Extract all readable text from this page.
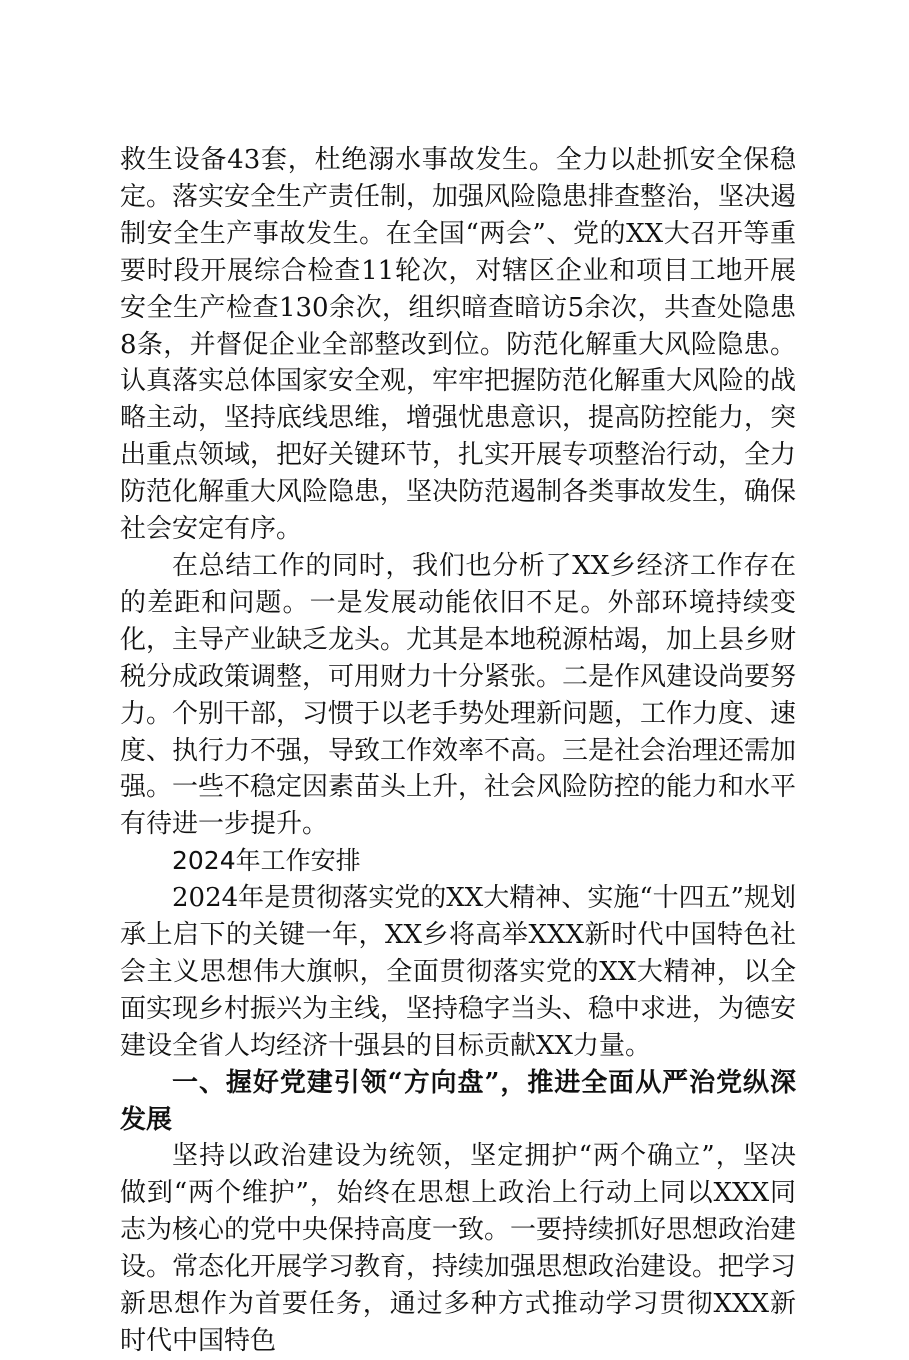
救生设备43套，杜绝溺水事故发生。全力以赴抓安全保稳定。落实安全生产责任制，加强风险隐患排查整治，坚决遏制安全生产事故发生。在全国“两会”、党的XX大召开等重要时段开展综合检查11轮次，对辖区企业和项目工地开展安全生产检查130余次，组织暗查暗访5余次，共查处隐患8条，并督促企业全部整改到位。防范化解重大风险隐患。认真落实总体国家安全观，牢牢把握防范化解重大风险的战略主动，坚持底线思维，增强忧患意识，提高防控能力，突出重点领域，把好关键环节，扎实开展专项整治行动，全力防范化解重大风险隐患，坚决防范遏制各类事故发生，确保社会安定有序。

在总结工作的同时，我们也分析了XX乡经济工作存在的差距和问题。一是发展动能依旧不足。外部环境持续变化，主导产业缺乏龙头。尤其是本地税源枯竭，加上县乡财税分成政策调整，可用财力十分紧张。二是作风建设尚要努力。个别干部，习惯于以老手势处理新问题，工作力度、速度、执行力不强，导致工作效率不高。三是社会治理还需加强。一些不稳定因素苗头上升，社会风险防控的能力和水平有待进一步提升。

2024年工作安排

2024年是贯彻落实党的XX大精神、实施“十四五”规划承上启下的关键一年，XX乡将高举XXX新时代中国特色社会主义思想伟大旗帜，全面贯彻落实党的XX大精神，以全面实现乡村振兴为主线，坚持稳字当头、稳中求进，为德安建设全省人均经济十强县的目标贡献XX力量。

一、握好党建引领“方向盘”，推进全面从严治党纵深发展

坚持以政治建设为统领，坚定拥护“两个确立”，坚决做到“两个维护”，始终在思想上政治上行动上同以XXX同志为核心的党中央保持高度一致。一要持续抓好思想政治建设。常态化开展学习教育，持续加强思想政治建设。把学习新思想作为首要任务，通过多种方式推动学习贯彻XXX新时代中国特色
